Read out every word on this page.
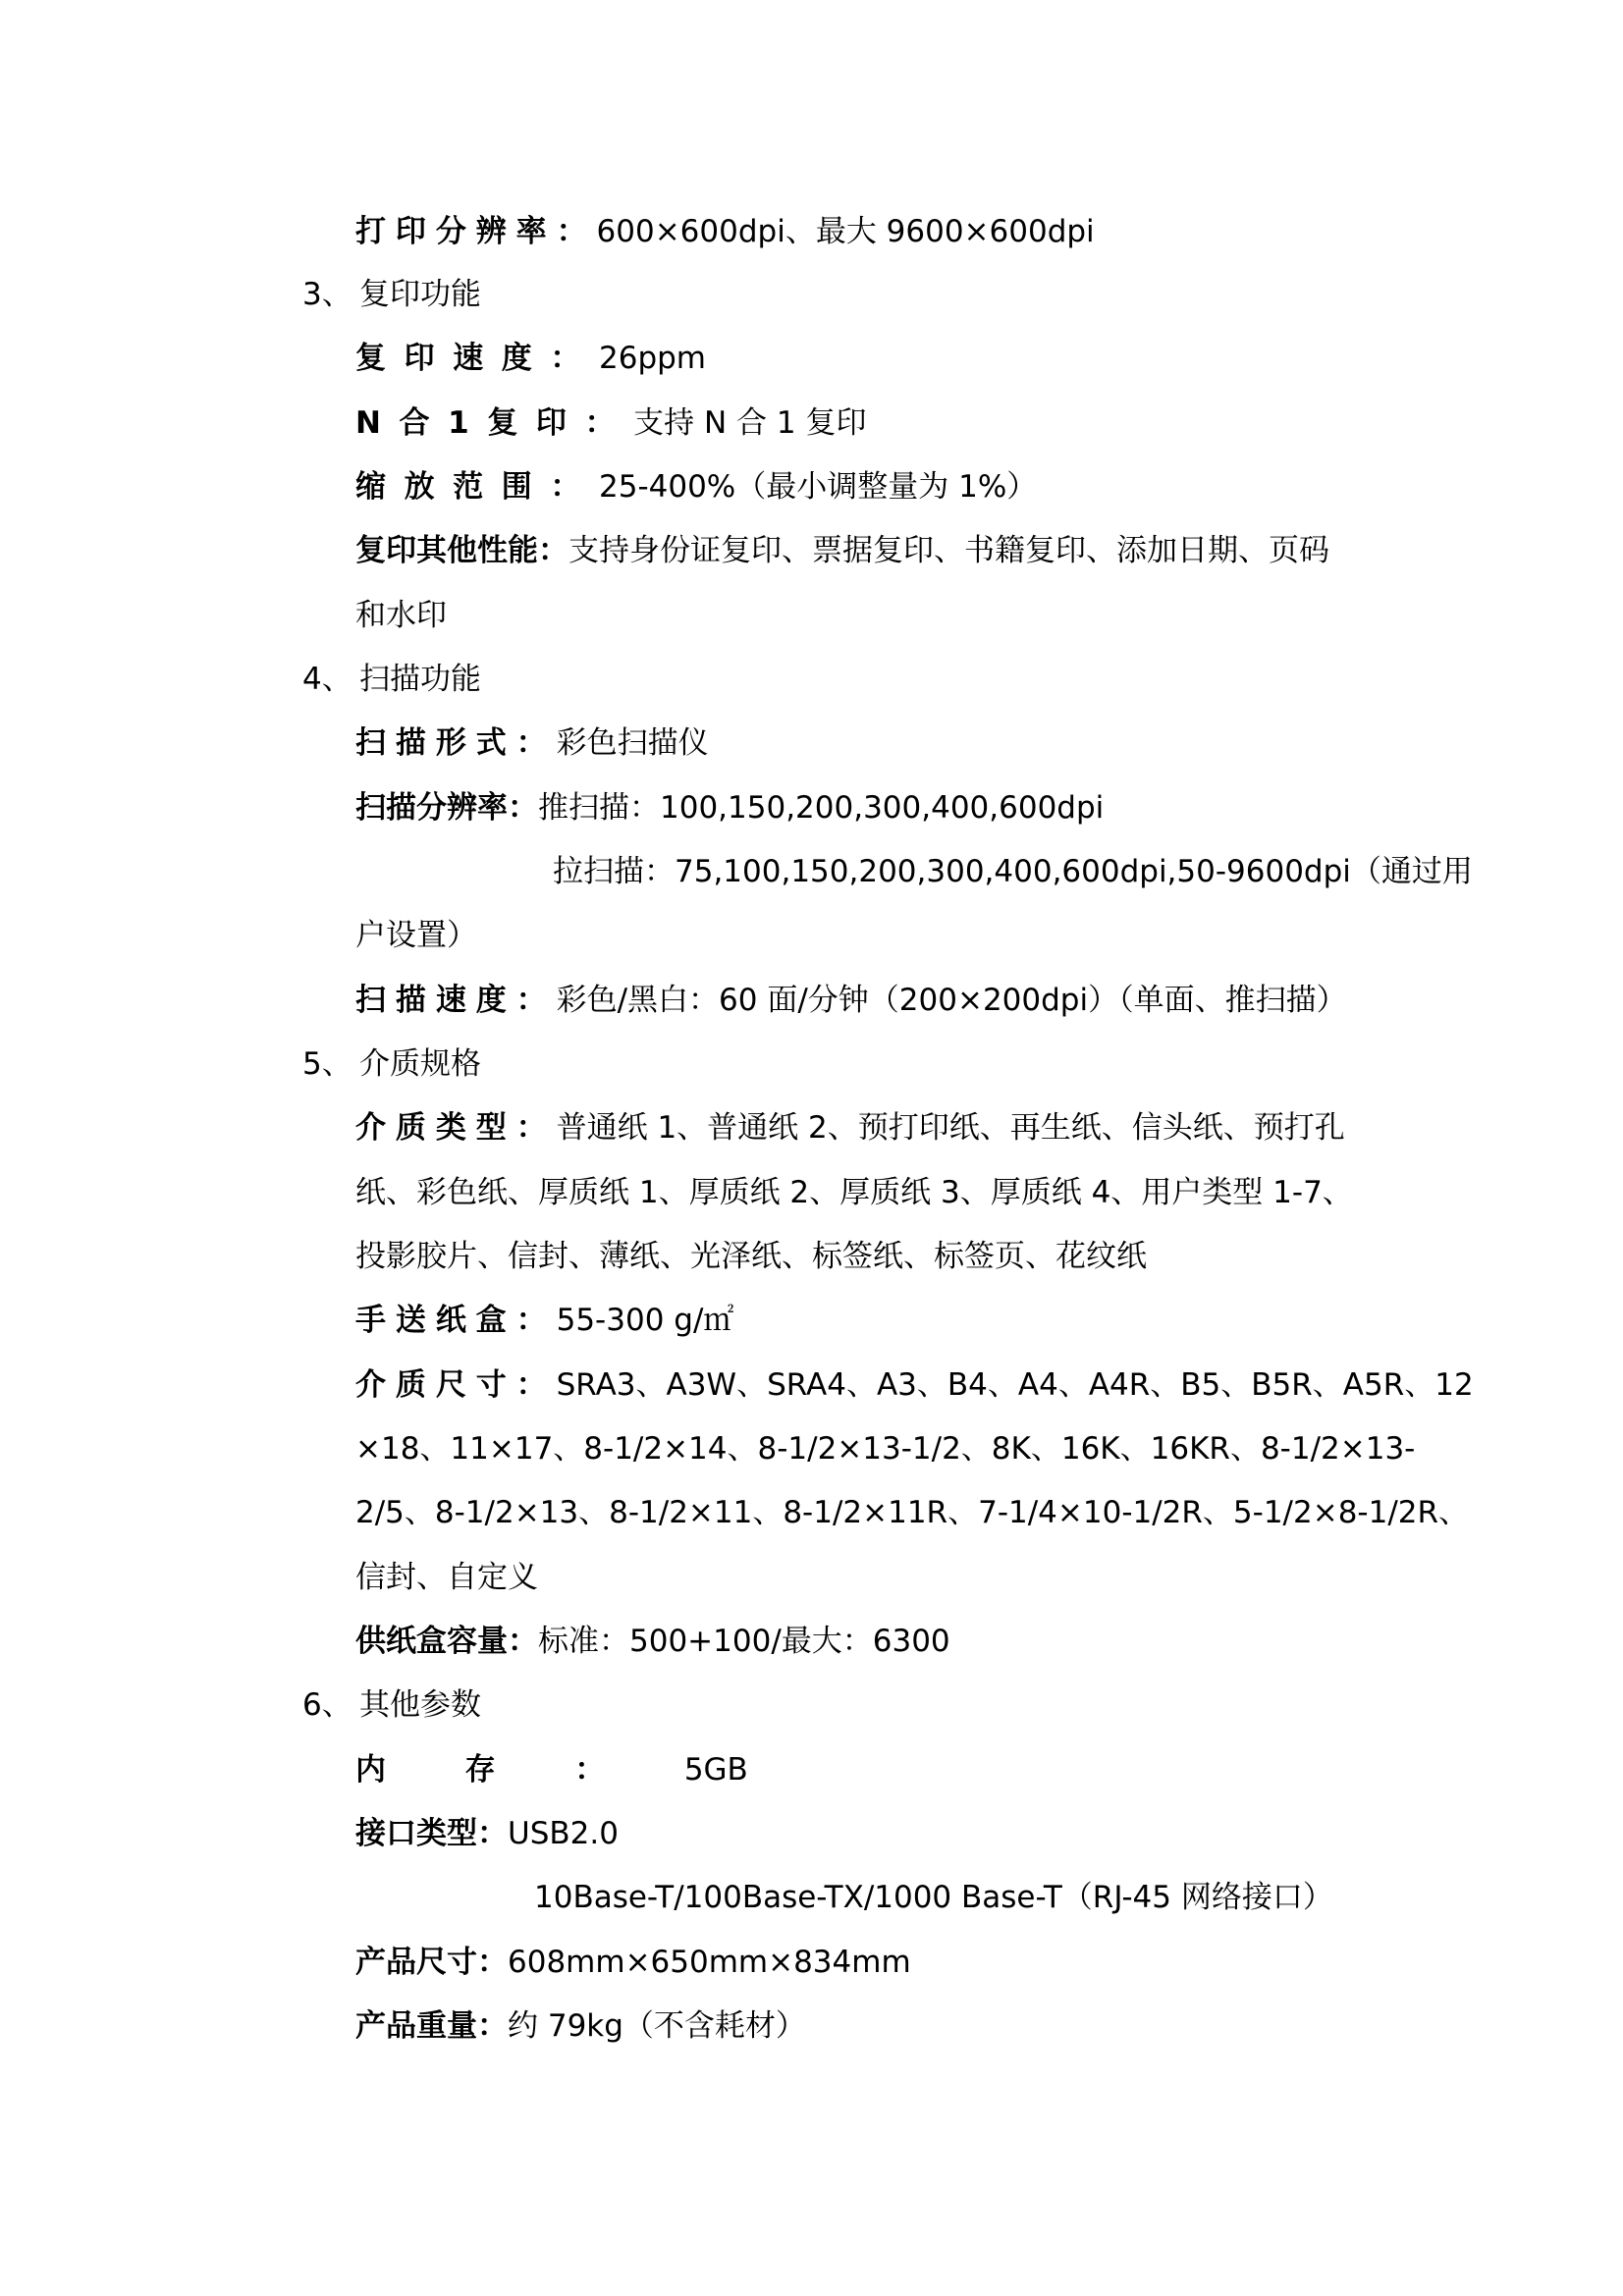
打印分辨率：600×600dpi、最大 9600×600dpi
3、 复印功能
复印速度：26ppm
N合1复印：支持 N 合 1 复印
缩放范围：25-400%（最小调整量为 1%）
复印其他性能：支持身份证复印、票据复印、书籍复印、添加日期、页码
和水印
4、 扫描功能
扫描形式：彩色扫描仪
扫描分辨率：推扫描：100,150,200,300,400,600dpi
拉扫描：75,100,150,200,300,400,600dpi,50-9600dpi（通过用
户设置）
扫描速度：彩色/黑白：60 面/分钟（200×200dpi）（单面、推扫描）
5、 介质规格
介质类型：普通纸 1、普通纸 2、预打印纸、再生纸、信头纸、预打孔
纸、彩色纸、厚质纸 1、厚质纸 2、厚质纸 3、厚质纸 4、用户类型 1-7、
投影胶片、信封、薄纸、光泽纸、标签纸、标签页、花纹纸
手送纸盒：55-300 g/㎡
介质尺寸：SRA3、A3W、SRA4、A3、B4、A4、A4R、B5、B5R、A5R、12
×18、11×17、8-1/2×14、8-1/2×13-1/2、8K、16K、16KR、8-1/2×13-
2/5、8-1/2×13、8-1/2×11、8-1/2×11R、7-1/4×10-1/2R、5-1/2×8-1/2R、
信封、自定义
供纸盒容量：标准：500+100/最大：6300
6、 其他参数
内存：5GB
接口类型：USB2.0
10Base-T/100Base-TX/1000 Base-T（RJ-45 网络接口）
产品尺寸：608mm×650mm×834mm
产品重量：约 79kg（不含耗材）
